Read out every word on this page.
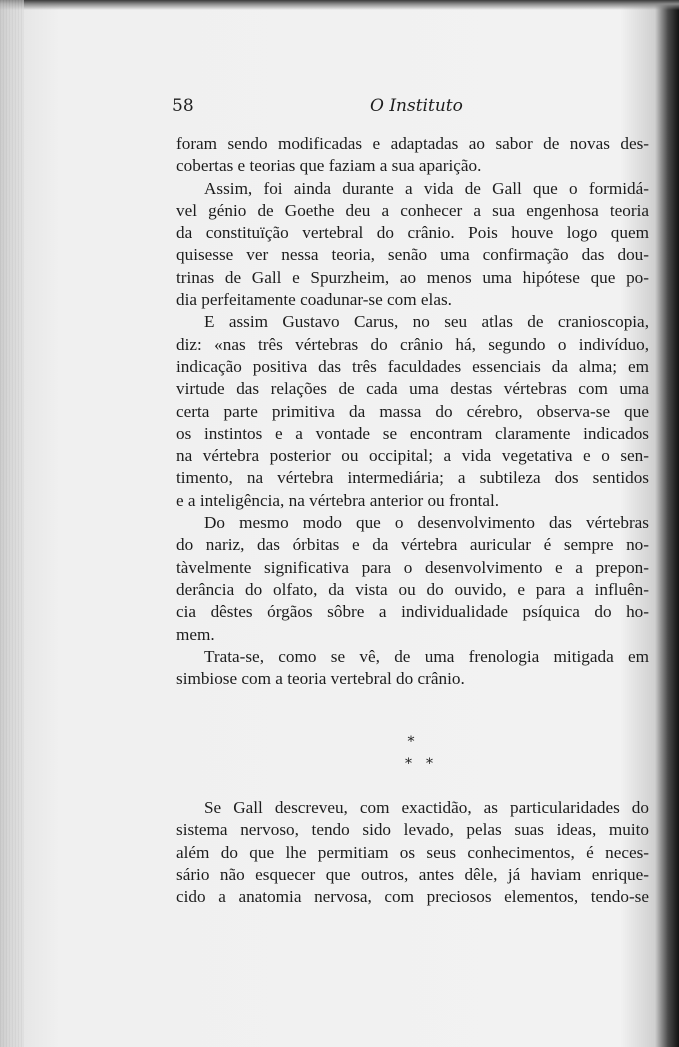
58	O Instituto

foram sendo modificadas e adaptadas ao sabor de novas des-
cobertas e teorias que faziam a sua aparição.

Assim, foi ainda durante a vida de Gall que o formidá-
vel génio de Goethe deu a conhecer a sua engenhosa teoria
da constituïção vertebral do crânio. Pois houve logo quem
quisesse ver nessa teoria, senão uma confirmação das dou-
trinas de Gall e Spurzheim, ao menos uma hipótese que po-
dia perfeitamente coadunar-se com elas.

E assim Gustavo Carus, no seu atlas de cranioscopia,
diz: «nas três vértebras do crânio há, segundo o indivíduo,
indicação positiva das três faculdades essenciais da alma; em
virtude das relações de cada uma destas vértebras com uma
certa parte primitiva da massa do cérebro, observa-se que
os instintos e a vontade se encontram claramente indicados
na vértebra posterior ou occipital; a vida vegetativa e o sen-
timento, na vértebra intermediária; a subtileza dos sentidos
e a inteligência, na vértebra anterior ou frontal.

Do mesmo modo que o desenvolvimento das vértebras
do nariz, das órbitas e da vértebra auricular é sempre no-
tàvelmente significativa para o desenvolvimento e a prepon-
derância do olfato, da vista ou do ouvido, e para a influên-
cia dêstes órgãos sôbre a individualidade psíquica do ho-
mem.

Trata-se, como se vê, de uma frenologia mitigada em
simbiose com a teoria vertebral do crânio.

*
**

Se Gall descreveu, com exactidão, as particularidades do
sistema nervoso, tendo sido levado, pelas suas ideas, muito
além do que lhe permitiam os seus conhecimentos, é neces-
sário não esquecer que outros, antes dêle, já haviam enrique-
cido a anatomia nervosa, com preciosos elementos, tendo-se
